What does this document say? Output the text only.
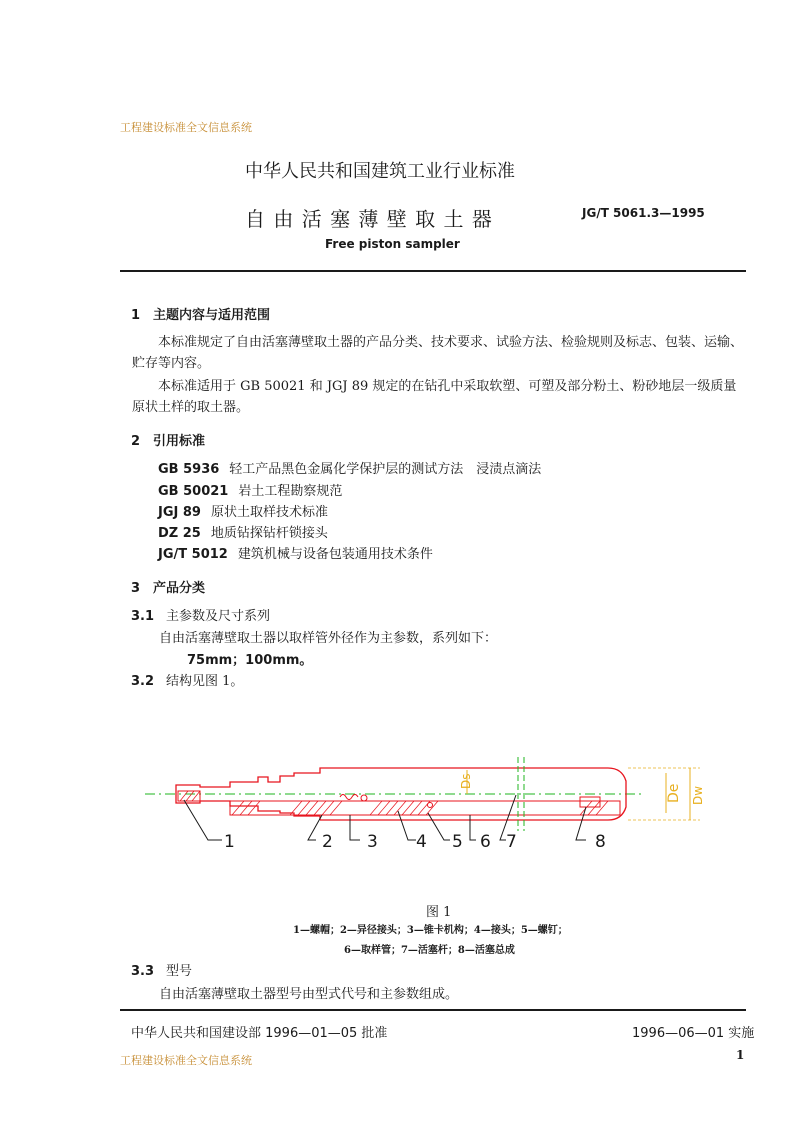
工程建设标准全文信息系统
中华人民共和国建筑工业行业标准
自 由 活 塞 薄 壁 取 土 器	JG/T 5061.3—1995
Free piston sampler
1　主题内容与适用范围
本标准规定了自由活塞薄壁取土器的产品分类、技术要求、试验方法、检验规则及标志、包装、运输、贮存等内容。
本标准适用于 GB 50021 和 JGJ 89 规定的在钻孔中采取软塑、可塑及部分粉土、粉砂地层一级质量原状土样的取土器。
2　引用标准
GB 5936 轻工产品黑色金属化学保护层的测试方法　浸渍点滴法
GB 50021 岩土工程勘察规范
JGJ 89 原状土取样技术标准
DZ 25 地质钻探钻杆锁接头
JG/T 5012 建筑机械与设备包装通用技术条件
3　产品分类
3.1 主参数及尺寸系列
自由活塞薄壁取土器以取样管外径作为主参数，系列如下：
75mm；100mm。
3.2 结构见图 1。
Ds
De Dw
1	2 3 4 5 6 7	8
图 1
1—螺帽；2—异径接头；3—锥卡机构；4—接头；5—螺钉；
6—取样管；7—活塞杆；8—活塞总成
3.3 型号
自由活塞薄壁取土器型号由型式代号和主参数组成。
中华人民共和国建设部 1996—01—05 批准	1996—06—01 实施
工程建设标准全文信息系统	1
